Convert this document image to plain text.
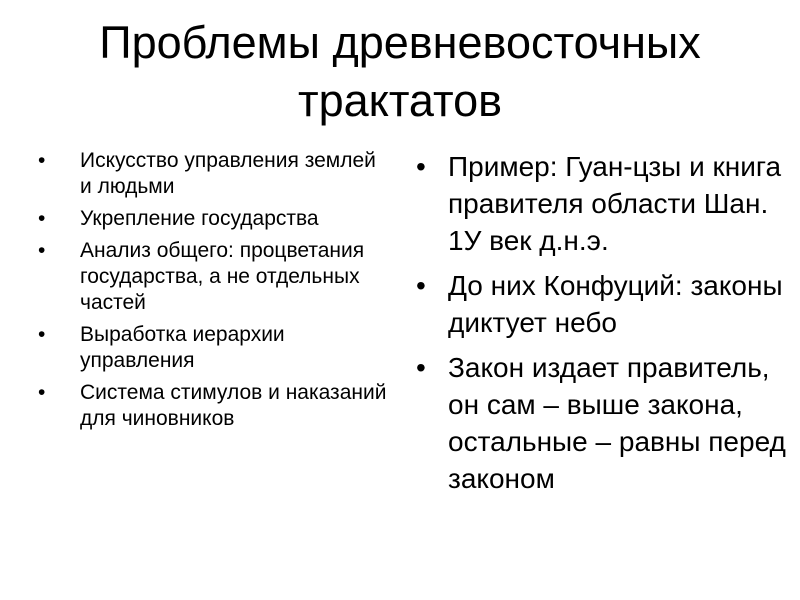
Проблемы древневосточных
трактатов
• Искусство управления землей и людьми
• Укрепление государства
• Анализ общего: процветания государства, а не отдельных частей
• Выработка иерархии управления
• Система стимулов и наказаний для чиновников
• Пример: Гуан-цзы и книга правителя области Шан. 1У век д.н.э.
• До них Конфуций: законы диктует небо
• Закон издает правитель, он сам – выше закона, остальные – равны перед законом
